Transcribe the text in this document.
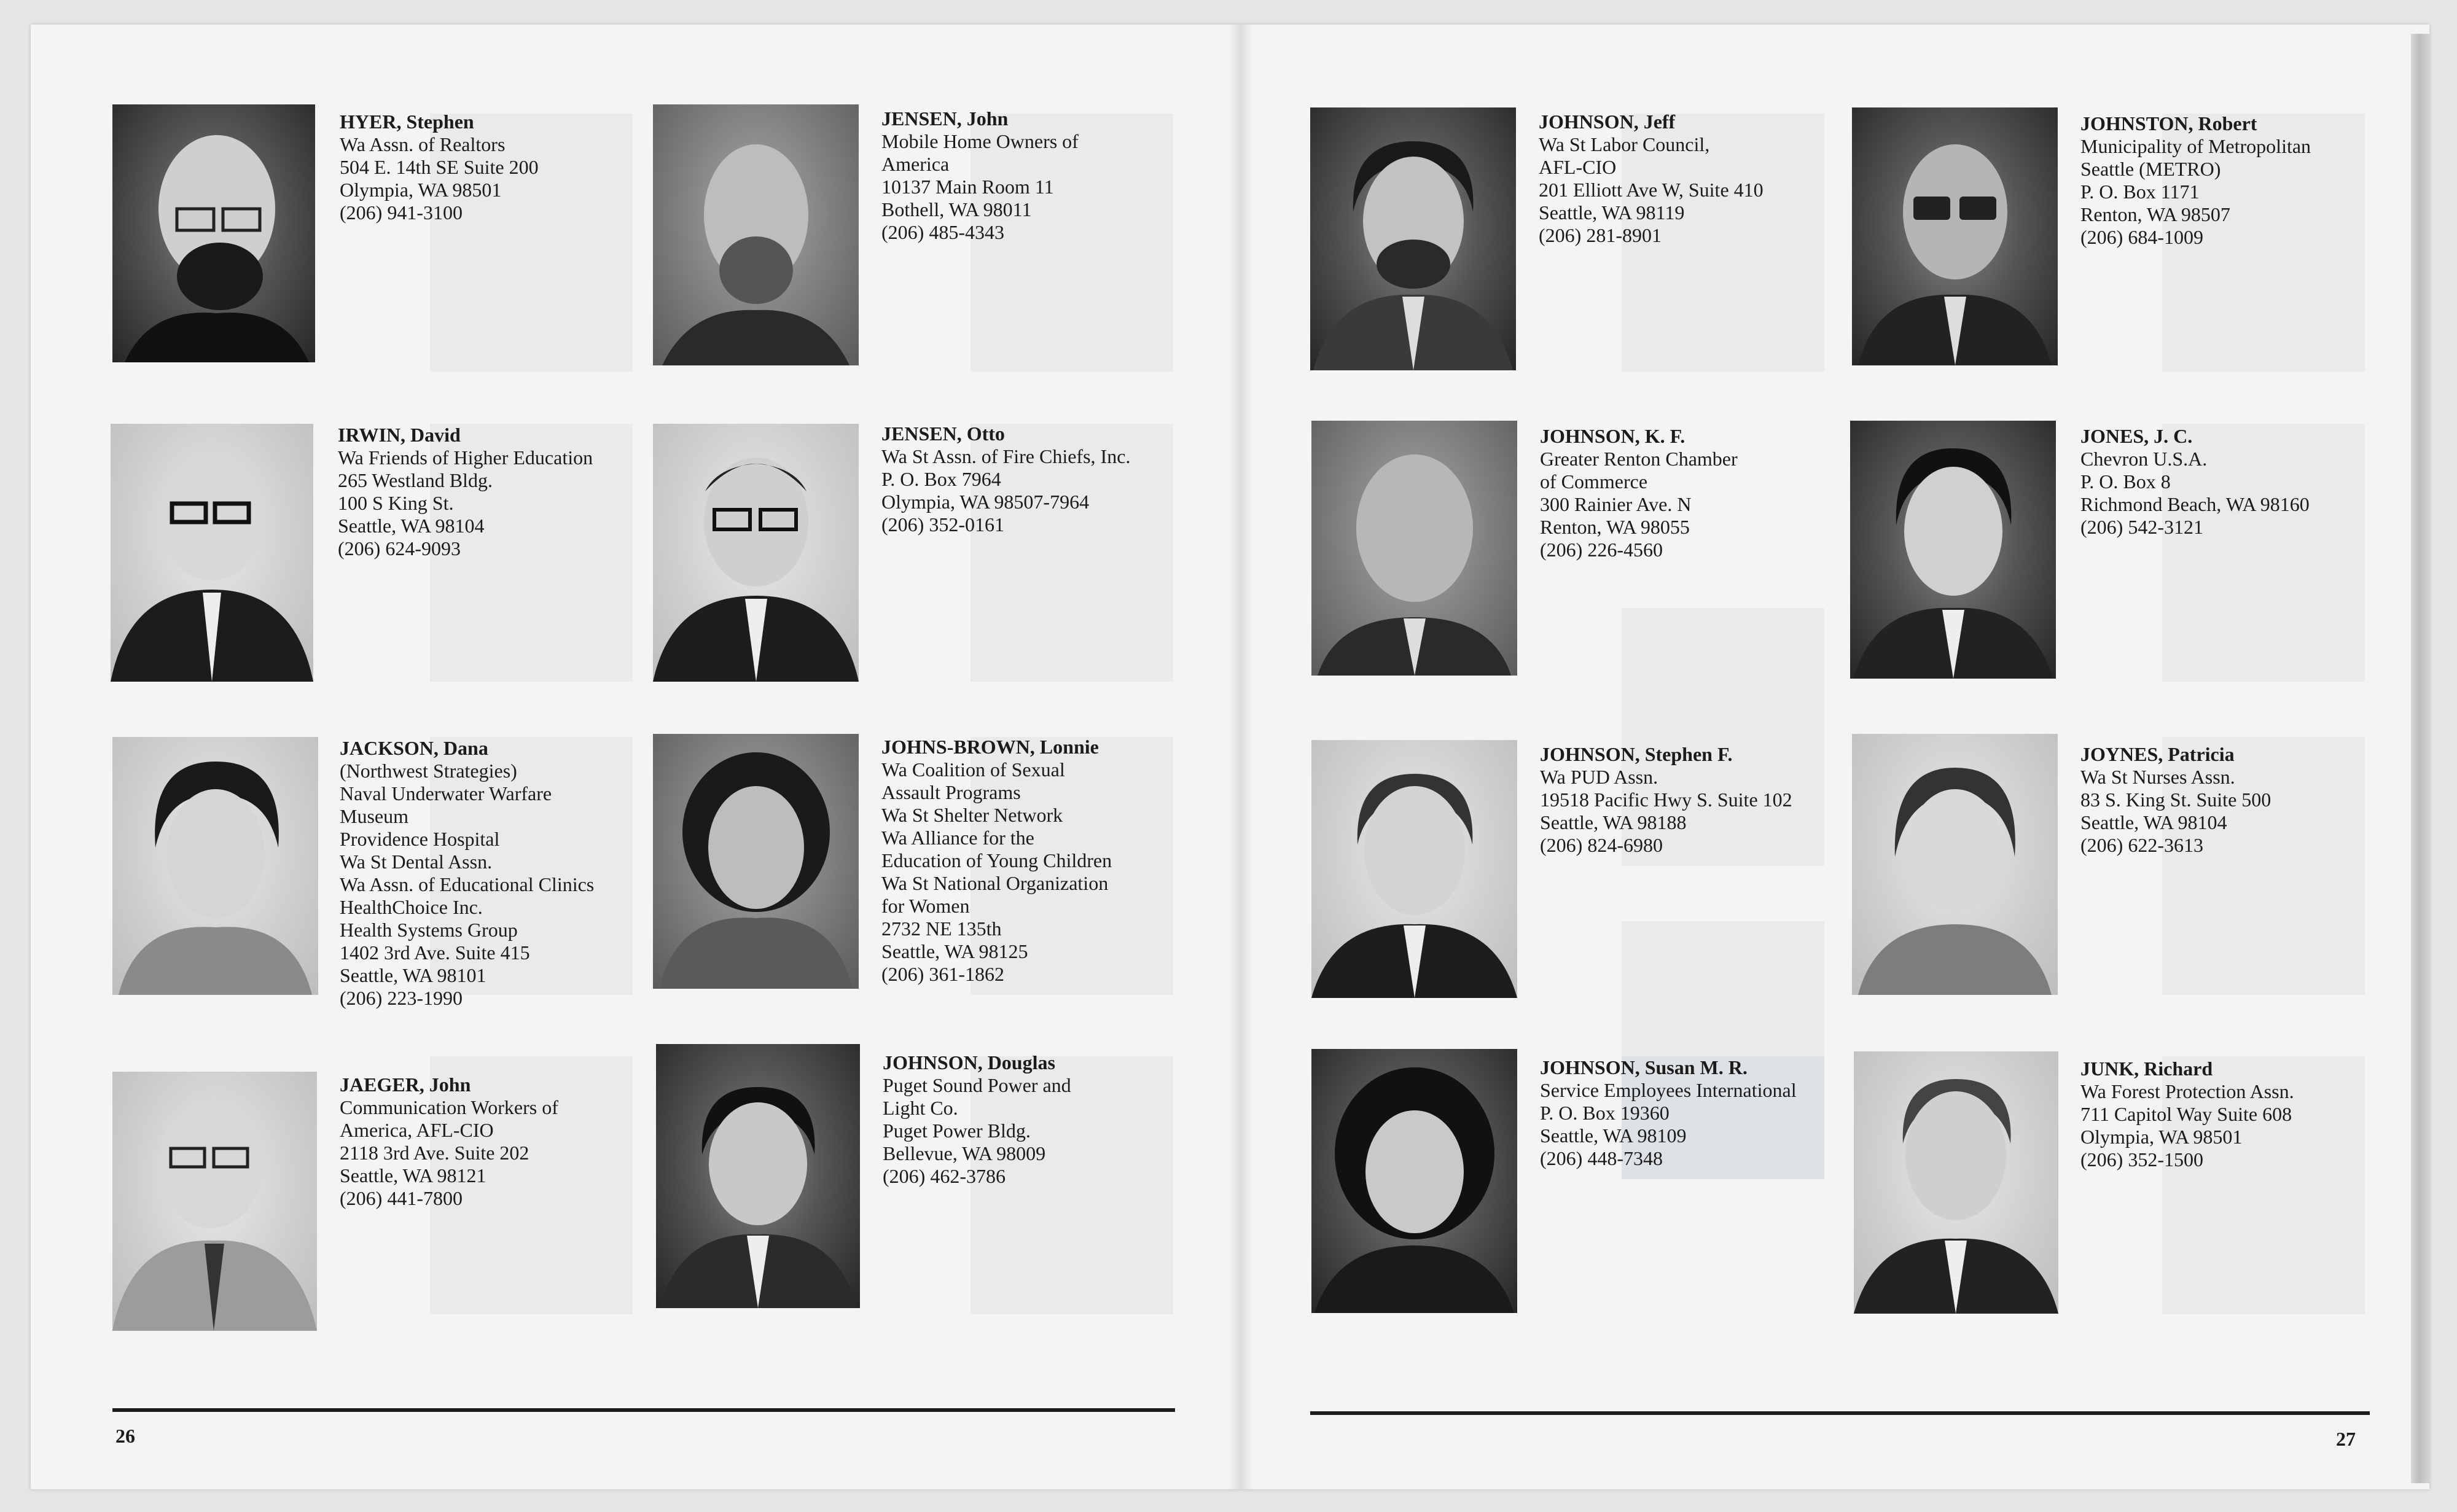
HYER, Stephen
Wa Assn. of Realtors
504 E. 14th SE Suite 200
Olympia, WA 98501
(206) 941-3100
JENSEN, John
Mobile Home Owners of
America
10137 Main Room 11
Bothell, WA 98011
(206) 485-4343
IRWIN, David
Wa Friends of Higher Education
265 Westland Bldg.
100 S King St.
Seattle, WA 98104
(206) 624-9093
JENSEN, Otto
Wa St Assn. of Fire Chiefs, Inc.
P. O. Box 7964
Olympia, WA 98507-7964
(206) 352-0161
JACKSON, Dana
(Northwest Strategies)
Naval Underwater Warfare
Museum
Providence Hospital
Wa St Dental Assn.
Wa Assn. of Educational Clinics
HealthChoice Inc.
Health Systems Group
1402 3rd Ave. Suite 415
Seattle, WA 98101
(206) 223-1990
JOHNS-BROWN, Lonnie
Wa Coalition of Sexual
Assault Programs
Wa St Shelter Network
Wa Alliance for the
Education of Young Children
Wa St National Organization
for Women
2732 NE 135th
Seattle, WA 98125
(206) 361-1862
JAEGER, John
Communication Workers of
America, AFL-CIO
2118 3rd Ave. Suite 202
Seattle, WA 98121
(206) 441-7800
JOHNSON, Douglas
Puget Sound Power and
Light Co.
Puget Power Bldg.
Bellevue, WA 98009
(206) 462-3786
26
JOHNSON, Jeff
Wa St Labor Council,
AFL-CIO
201 Elliott Ave W, Suite 410
Seattle, WA 98119
(206) 281-8901
JOHNSTON, Robert
Municipality of Metropolitan
Seattle (METRO)
P. O. Box 1171
Renton, WA 98507
(206) 684-1009
JOHNSON, K. F.
Greater Renton Chamber
of Commerce
300 Rainier Ave. N
Renton, WA 98055
(206) 226-4560
JONES, J. C.
Chevron U.S.A.
P. O. Box 8
Richmond Beach, WA 98160
(206) 542-3121
JOHNSON, Stephen F.
Wa PUD Assn.
19518 Pacific Hwy S. Suite 102
Seattle, WA 98188
(206) 824-6980
JOYNES, Patricia
Wa St Nurses Assn.
83 S. King St. Suite 500
Seattle, WA 98104
(206) 622-3613
JOHNSON, Susan M. R.
Service Employees International
P. O. Box 19360
Seattle, WA 98109
(206) 448-7348
JUNK, Richard
Wa Forest Protection Assn.
711 Capitol Way Suite 608
Olympia, WA 98501
(206) 352-1500
27
